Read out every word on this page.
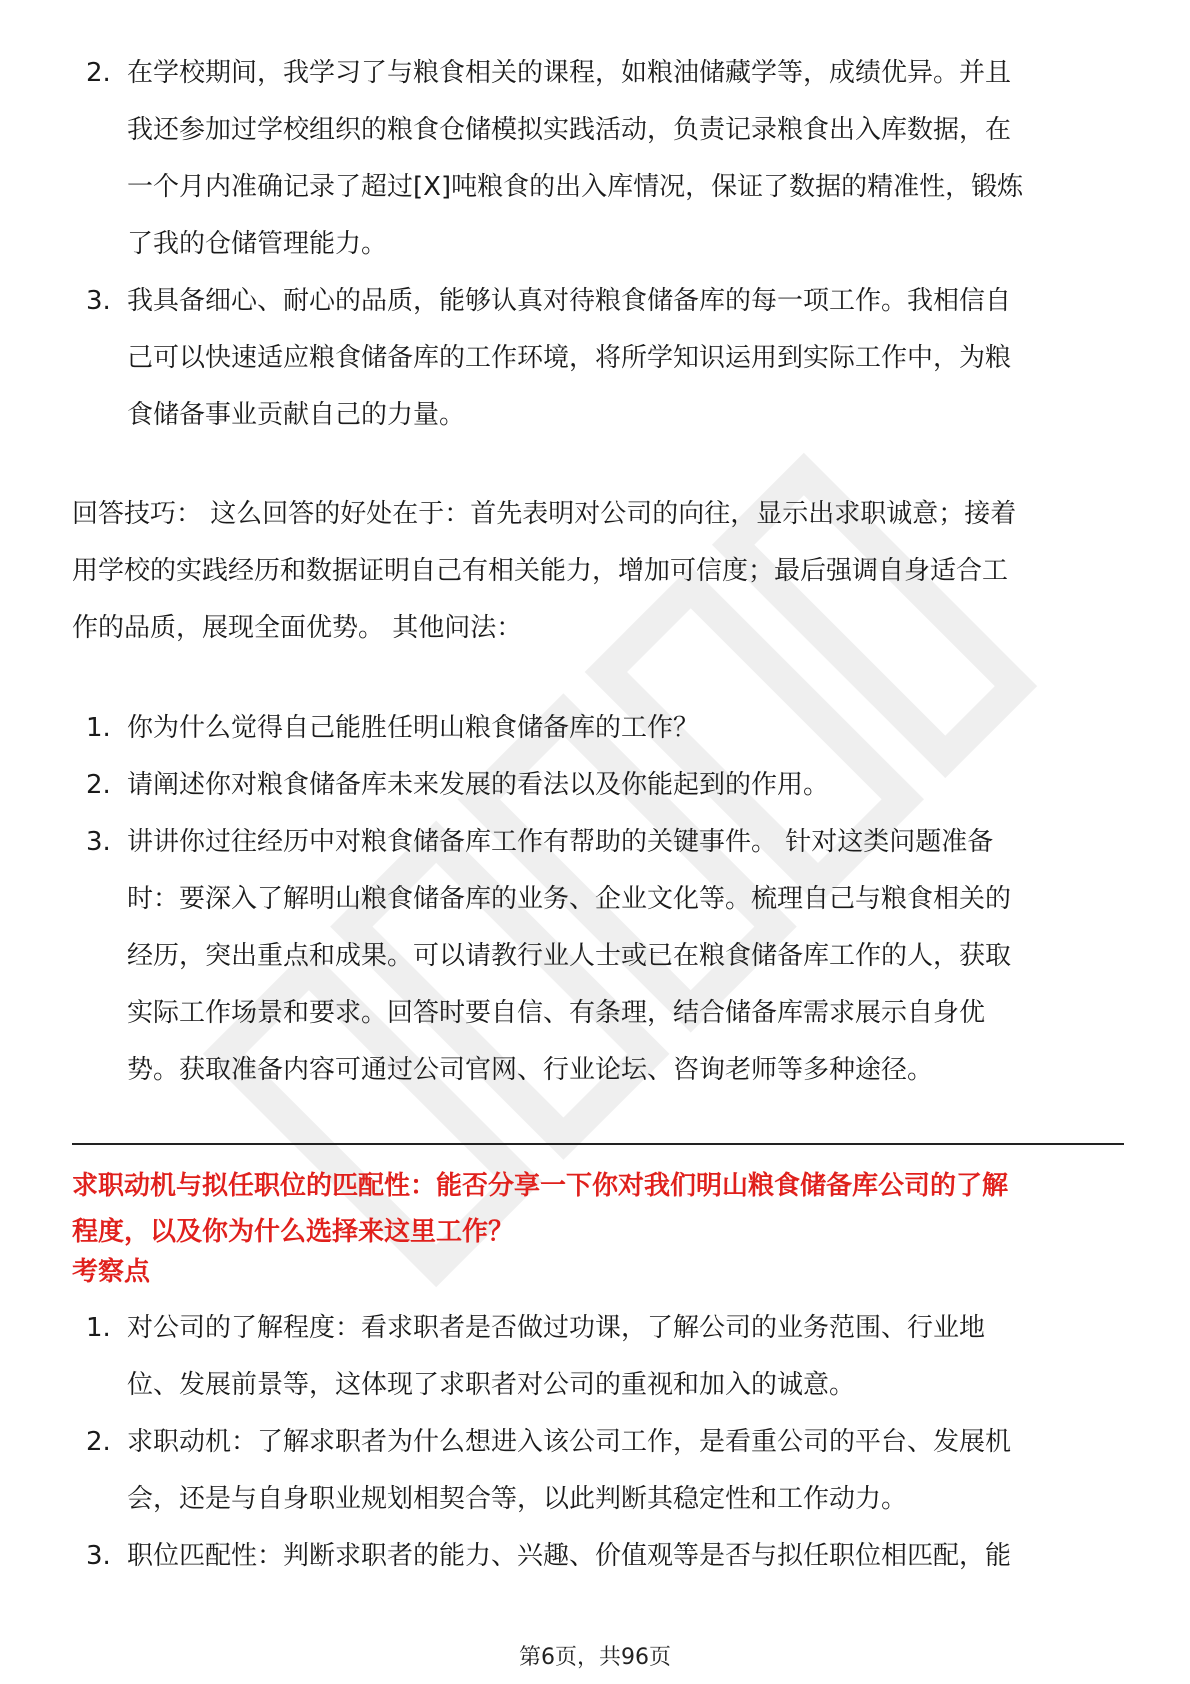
2. 在学校期间，我学习了与粮食相关的课程，如粮油储藏学等，成绩优异。并且
我还参加过学校组织的粮食仓储模拟实践活动，负责记录粮食出入库数据，在
一个月内准确记录了超过[X]吨粮食的出入库情况，保证了数据的精准性，锻炼
了我的仓储管理能力。
3. 我具备细心、耐心的品质，能够认真对待粮食储备库的每一项工作。我相信自
己可以快速适应粮食储备库的工作环境，将所学知识运用到实际工作中，为粮
食储备事业贡献自己的力量。
回答技巧： 这么回答的好处在于：首先表明对公司的向往，显示出求职诚意；接着
用学校的实践经历和数据证明自己有相关能力，增加可信度；最后强调自身适合工
作的品质，展现全面优势。 其他问法：
1. 你为什么觉得自己能胜任明山粮食储备库的工作？
2. 请阐述你对粮食储备库未来发展的看法以及你能起到的作用。
3. 讲讲你过往经历中对粮食储备库工作有帮助的关键事件。 针对这类问题准备
时：要深入了解明山粮食储备库的业务、企业文化等。梳理自己与粮食相关的
经历，突出重点和成果。可以请教行业人士或已在粮食储备库工作的人，获取
实际工作场景和要求。回答时要自信、有条理，结合储备库需求展示自身优
势。获取准备内容可通过公司官网、行业论坛、咨询老师等多种途径。
求职动机与拟任职位的匹配性：能否分享一下你对我们明山粮食储备库公司的了解
程度，以及你为什么选择来这里工作？
考察点
1. 对公司的了解程度：看求职者是否做过功课，了解公司的业务范围、行业地
位、发展前景等，这体现了求职者对公司的重视和加入的诚意。
2. 求职动机：了解求职者为什么想进入该公司工作，是看重公司的平台、发展机
会，还是与自身职业规划相契合等，以此判断其稳定性和工作动力。
3. 职位匹配性：判断求职者的能力、兴趣、价值观等是否与拟任职位相匹配，能
第6页，共96页
